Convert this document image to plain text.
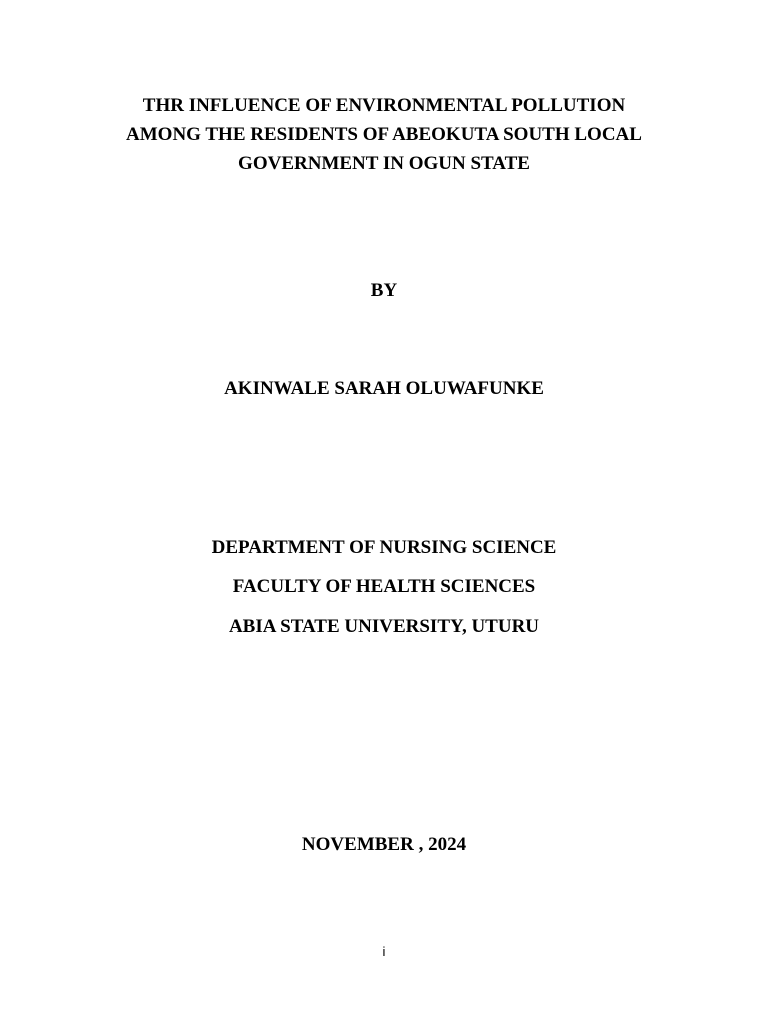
THR INFLUENCE OF ENVIRONMENTAL POLLUTION
AMONG THE RESIDENTS OF ABEOKUTA SOUTH LOCAL
GOVERNMENT IN OGUN STATE
BY
AKINWALE SARAH OLUWAFUNKE
DEPARTMENT OF NURSING SCIENCE
FACULTY OF HEALTH SCIENCES
ABIA STATE UNIVERSITY, UTURU
NOVEMBER , 2024
i
